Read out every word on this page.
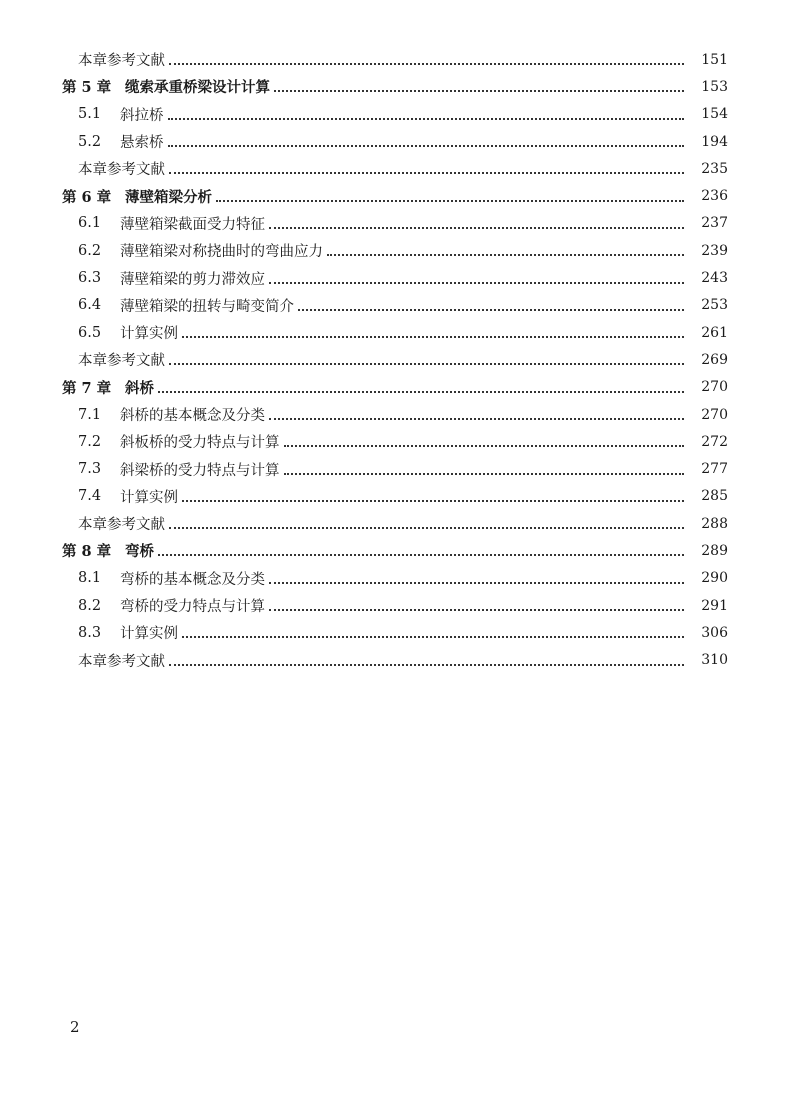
本章参考文献	151
第 5 章 缆索承重桥梁设计计算	153
5.1	斜拉桥	154
5.2	悬索桥	194
本章参考文献	235
第 6 章 薄壁箱梁分析	236
6.1	薄壁箱梁截面受力特征	237
6.2	薄壁箱梁对称挠曲时的弯曲应力	239
6.3	薄壁箱梁的剪力滞效应	243
6.4	薄壁箱梁的扭转与畸变简介	253
6.5	计算实例	261
本章参考文献	269
第 7 章 斜桥	270
7.1	斜桥的基本概念及分类	270
7.2	斜板桥的受力特点与计算	272
7.3	斜梁桥的受力特点与计算	277
7.4	计算实例	285
本章参考文献	288
第 8 章 弯桥	289
8.1	弯桥的基本概念及分类	290
8.2	弯桥的受力特点与计算	291
8.3	计算实例	306
本章参考文献	310
2
